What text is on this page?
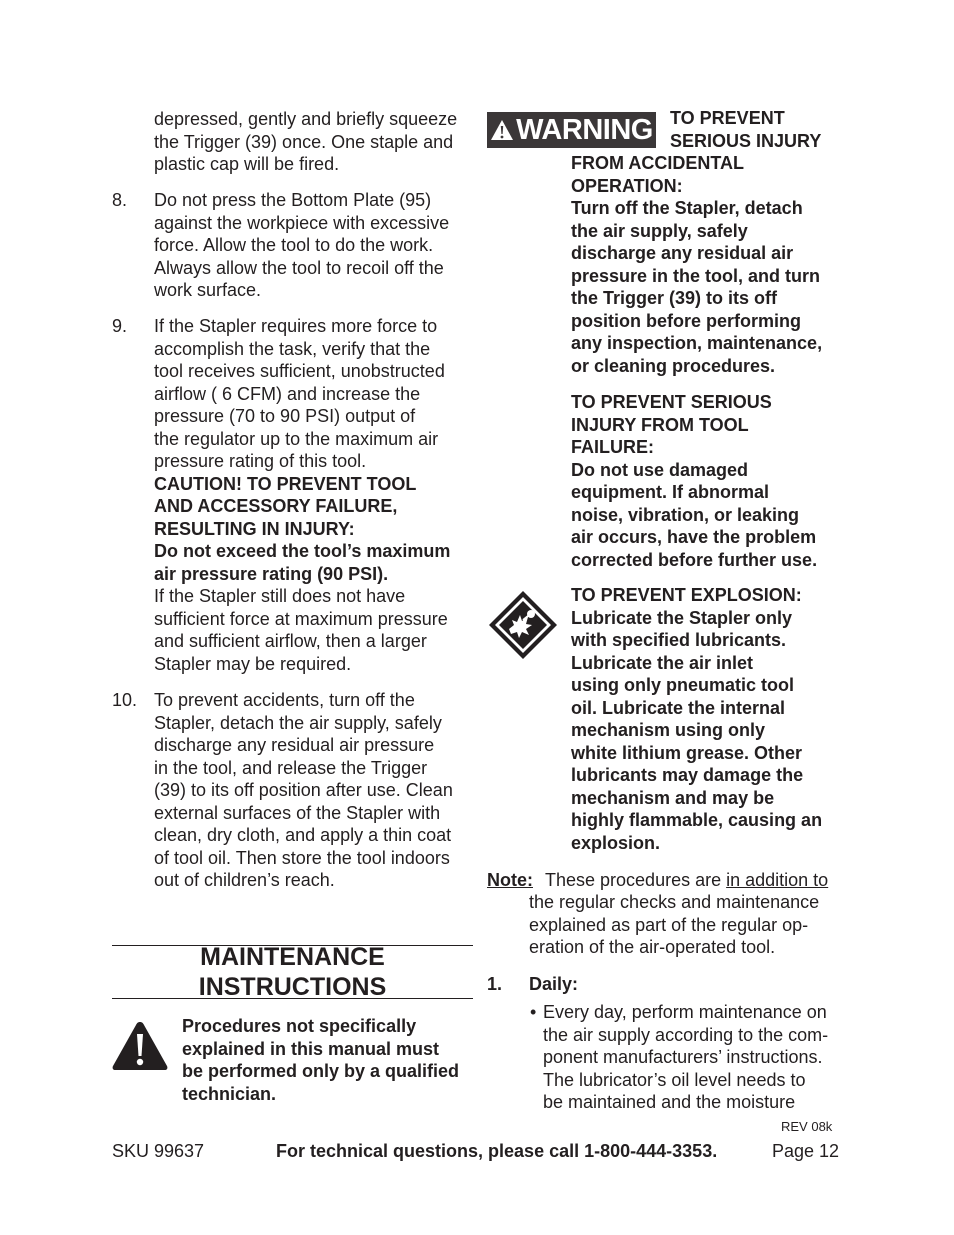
depressed, gently and briefly squeeze
the Trigger (39) once. One staple and
plastic cap will be fired.
8. Do not press the Bottom Plate (95)
against the workpiece with excessive
force. Allow the tool to do the work.
Always allow the tool to recoil off the
work surface.
9. If the Stapler requires more force to
accomplish the task, verify that the
tool receives sufficient, unobstructed
airflow ( 6 CFM) and increase the
pressure (70 to 90 PSI) output of
the regulator up to the maximum air
pressure rating of this tool.
CAUTION! TO PREVENT TOOL
AND ACCESSORY FAILURE,
RESULTING IN INJURY:
Do not exceed the tool’s maximum
air pressure rating (90 PSI).
If the Stapler still does not have
sufficient force at maximum pressure
and sufficient airflow, then a larger
Stapler may be required.
10. To prevent accidents, turn off the
Stapler, detach the air supply, safely
discharge any residual air pressure
in the tool, and release the Trigger
(39) to its off position after use. Clean
external surfaces of the Stapler with
clean, dry cloth, and apply a thin coat
of tool oil. Then store the tool indoors
out of children’s reach.
MAINTENANCE
INSTRUCTIONS
Procedures not specifically
explained in this manual must
be performed only by a qualified
technician.
WARNING TO PREVENT
SERIOUS INJURY
FROM ACCIDENTAL
OPERATION:
Turn off the Stapler, detach
the air supply, safely
discharge any residual air
pressure in the tool, and turn
the Trigger (39) to its off
position before performing
any inspection, maintenance,
or cleaning procedures.
TO PREVENT SERIOUS
INJURY FROM TOOL
FAILURE:
Do not use damaged
equipment. If abnormal
noise, vibration, or leaking
air occurs, have the problem
corrected before further use.
TO PREVENT EXPLOSION:
Lubricate the Stapler only
with specified lubricants.
Lubricate the air inlet
using only pneumatic tool
oil. Lubricate the internal
mechanism using only
white lithium grease. Other
lubricants may damage the
mechanism and may be
highly flammable, causing an
explosion.
Note: These procedures are in addition to
the regular checks and maintenance
explained as part of the regular op-
eration of the air-operated tool.
1. Daily:
• Every day, perform maintenance on
the air supply according to the com-
ponent manufacturers’ instructions.
The lubricator’s oil level needs to
be maintained and the moisture
REV 08k
SKU 99637	For technical questions, please call 1-800-444-3353.	Page 12
